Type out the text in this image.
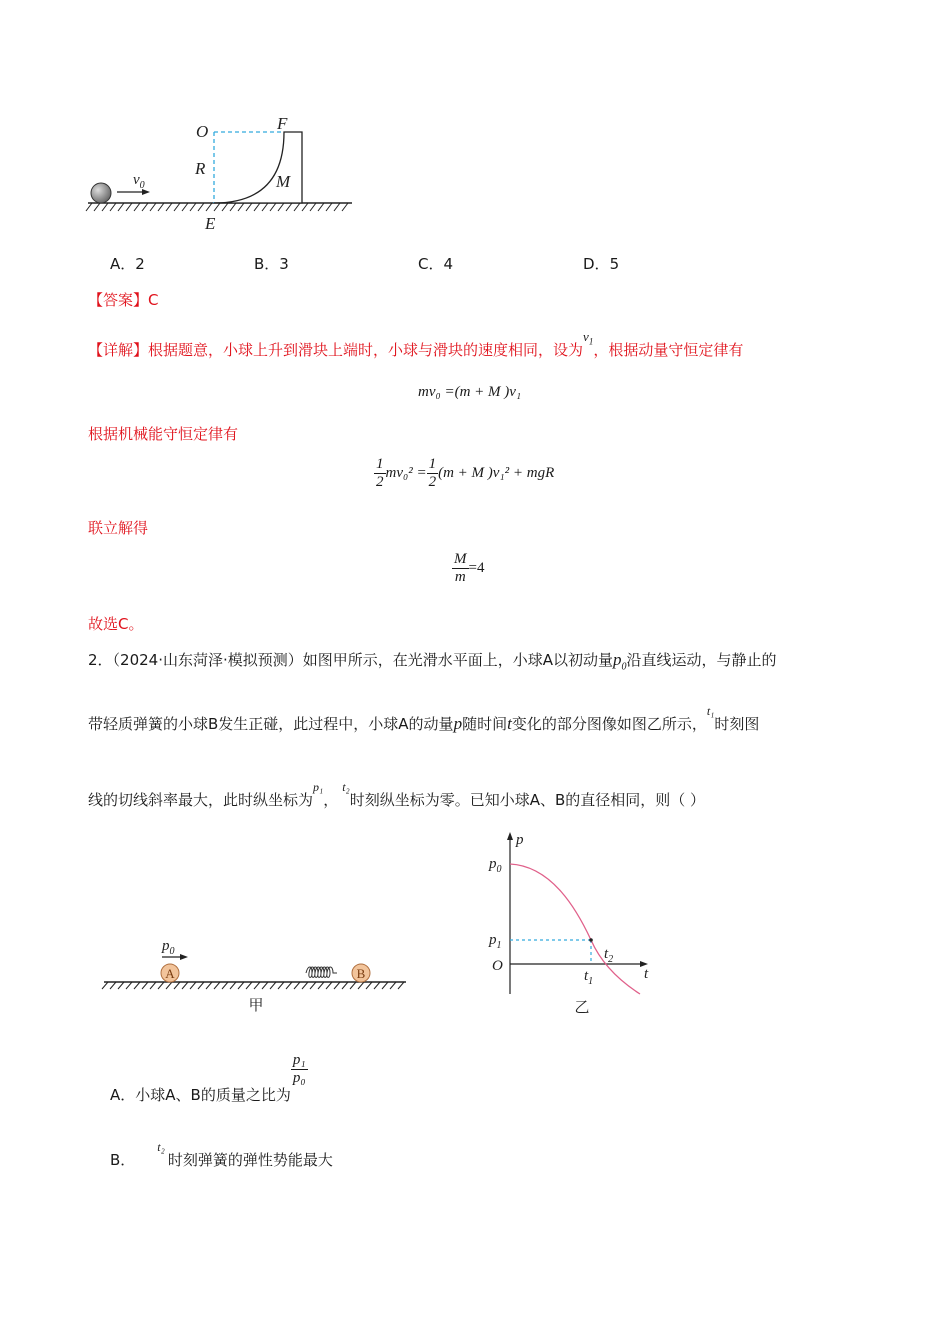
$v_0$
O	F
R
M
E
A．2	B．3	C．4	D．5
【答案】C
【详解】根据题意，小球上升到滑块上端时，小球与滑块的速度相同，设为$v_1$，根据动量守恒定律有
mv₀ =(m + M )v₁
根据机械能守恒定律有
$\frac{1}{2} mv_0^2 = \frac{1}{2} (m + M$ )v₁² + mgR
联立解得
$\frac{M}{m} =4$
故选C。
2．（2024·山东菏泽·模拟预测）如图甲所示，在光滑水平面上，小球A以初动量$p_0$沿直线运动，与静止的
带轻质弹簧的小球B发生正碰，此过程中，小球A的动量p随时间t变化的部分图像如图乙所示，$^{t_1}$时刻图
线的切线斜率最大，此时纵坐标为$^{p_1}$，$^{t_2}$时刻纵坐标为零。已知小球A、B的直径相同，则（ ）
A
$p_0$
B
甲
p
t
O
$p_0$
$p_1$
$t_1$
$t_2$
乙
A．小球A、B的质量之比为
$\frac{\text{p₁}}{\text{p₀}}$
B．$^{t_2}$时刻弹簧的弹性势能最大
